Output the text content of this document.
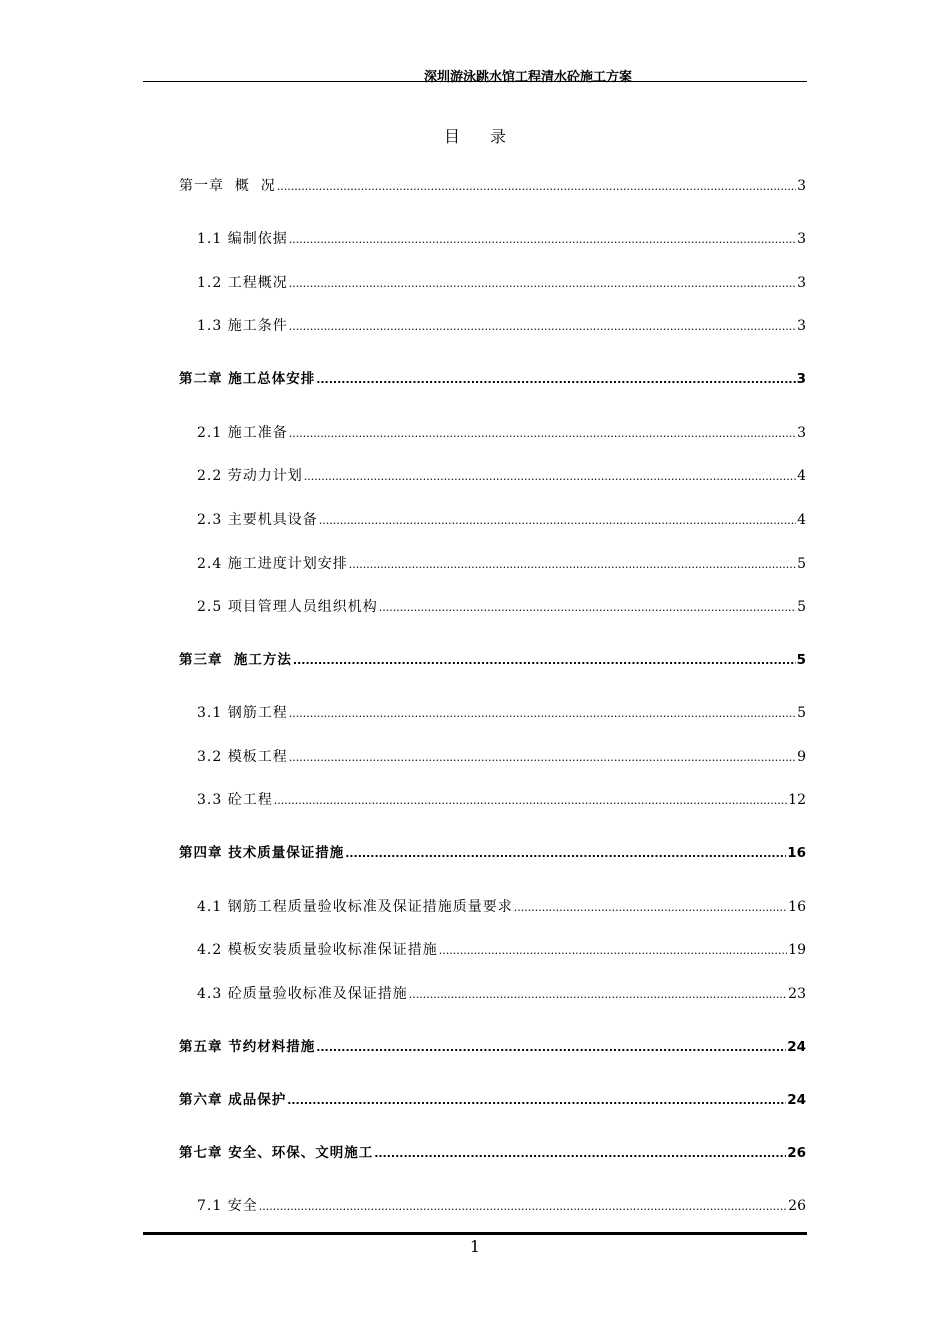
深圳游泳跳水馆工程清水砼施工方案
目录
第一章  概  况 .....	3
1.1 编制依据 .....	3
1.2 工程概况 .....	3
1.3 施工条件 .....	3
第二章 施工总体安排 .....	3
2.1 施工准备 .....	3
2.2 劳动力计划 .....	4
2.3 主要机具设备 .....	4
2.4 施工进度计划安排 .....	5
2.5 项目管理人员组织机构 .....	5
第三章  施工方法 .....	5
3.1 钢筋工程 .....	5
3.2 模板工程 .....	9
3.3 砼工程 .....	12
第四章 技术质量保证措施 .....	16
4.1 钢筋工程质量验收标准及保证措施质量要求 .....	16
4.2 模板安装质量验收标准保证措施 .....	19
4.3 砼质量验收标准及保证措施 .....	23
第五章 节约材料措施 .....	24
第六章 成品保护 .....	24
第七章 安全、环保、文明施工 .....	26
7.1 安全 .....	26
1
